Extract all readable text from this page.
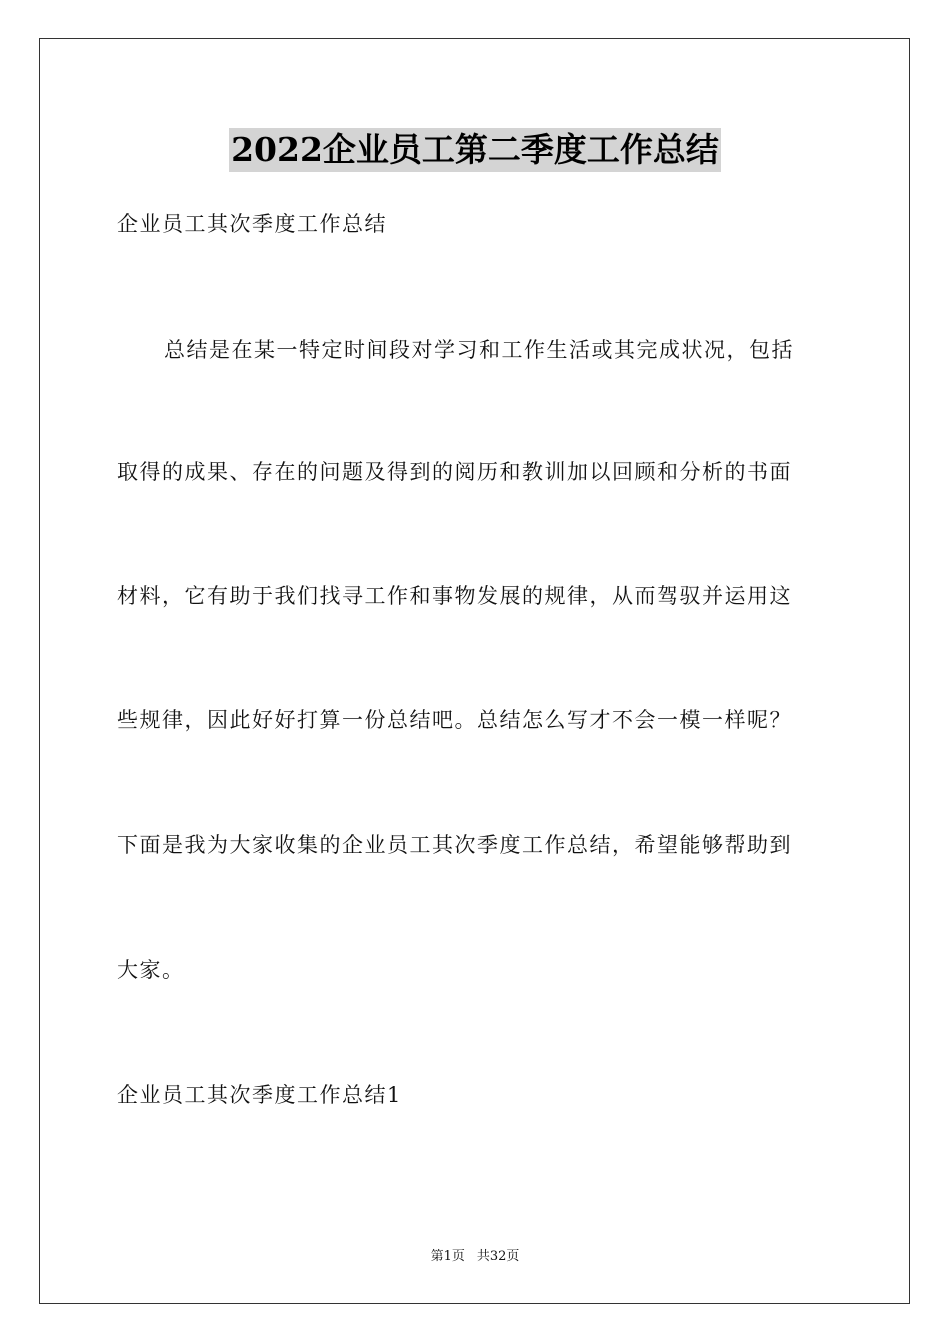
2022企业员工第二季度工作总结
企业员工其次季度工作总结
总结是在某一特定时间段对学习和工作生活或其完成状况，包括
取得的成果、存在的问题及得到的阅历和教训加以回顾和分析的书面
材料，它有助于我们找寻工作和事物发展的规律，从而驾驭并运用这
些规律，因此好好打算一份总结吧。总结怎么写才不会一模一样呢？
下面是我为大家收集的企业员工其次季度工作总结，希望能够帮助到
大家。
企业员工其次季度工作总结1
第1页 共32页
